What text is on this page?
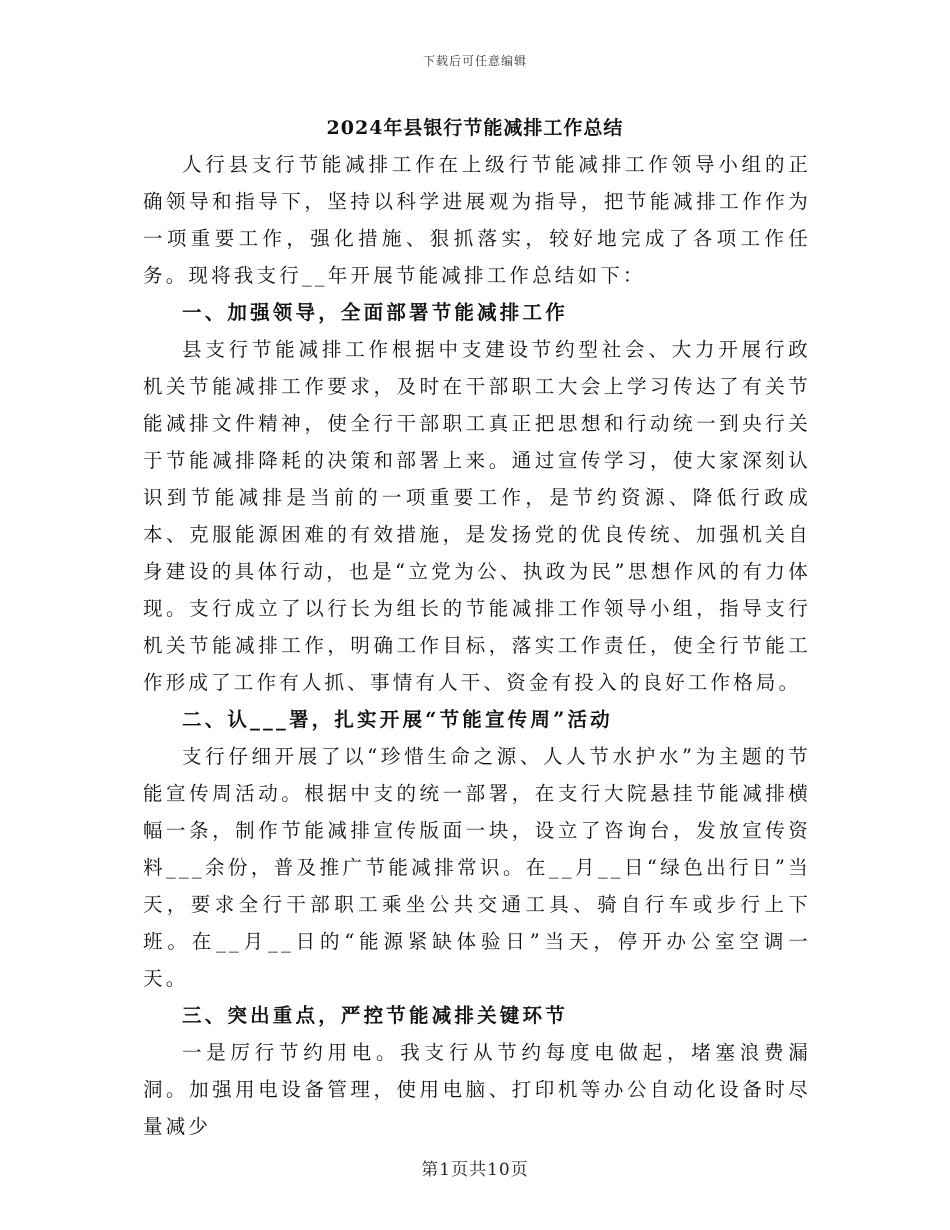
下载后可任意编辑
2024年县银行节能减排工作总结

人行县支行节能减排工作在上级行节能减排工作领导小组的正确领导和指导下，坚持以科学进展观为指导，把节能减排工作作为一项重要工作，强化措施、狠抓落实，较好地完成了各项工作任务。现将我支行__年开展节能减排工作总结如下：

一、加强领导，全面部署节能减排工作

县支行节能减排工作根据中支建设节约型社会、大力开展行政机关节能减排工作要求，及时在干部职工大会上学习传达了有关节能减排文件精神，使全行干部职工真正把思想和行动统一到央行关于节能减排降耗的决策和部署上来。通过宣传学习，使大家深刻认识到节能减排是当前的一项重要工作，是节约资源、降低行政成本、克服能源困难的有效措施，是发扬党的优良传统、加强机关自身建设的具体行动，也是“立党为公、执政为民”思想作风的有力体现。支行成立了以行长为组长的节能减排工作领导小组，指导支行机关节能减排工作，明确工作目标，落实工作责任，使全行节能工作形成了工作有人抓、事情有人干、资金有投入的良好工作格局。

二、认___署，扎实开展“节能宣传周”活动

支行仔细开展了以“珍惜生命之源、人人节水护水”为主题的节能宣传周活动。根据中支的统一部署，在支行大院悬挂节能减排横幅一条，制作节能减排宣传版面一块，设立了咨询台，发放宣传资料___余份，普及推广节能减排常识。在__月__日“绿色出行日”当天，要求全行干部职工乘坐公共交通工具、骑自行车或步行上下班。在__月__日的“能源紧缺体验日”当天，停开办公室空调一天。

三、突出重点，严控节能减排关键环节

一是厉行节约用电。我支行从节约每度电做起，堵塞浪费漏洞。加强用电设备管理，使用电脑、打印机等办公自动化设备时尽量减少

第1页共10页
